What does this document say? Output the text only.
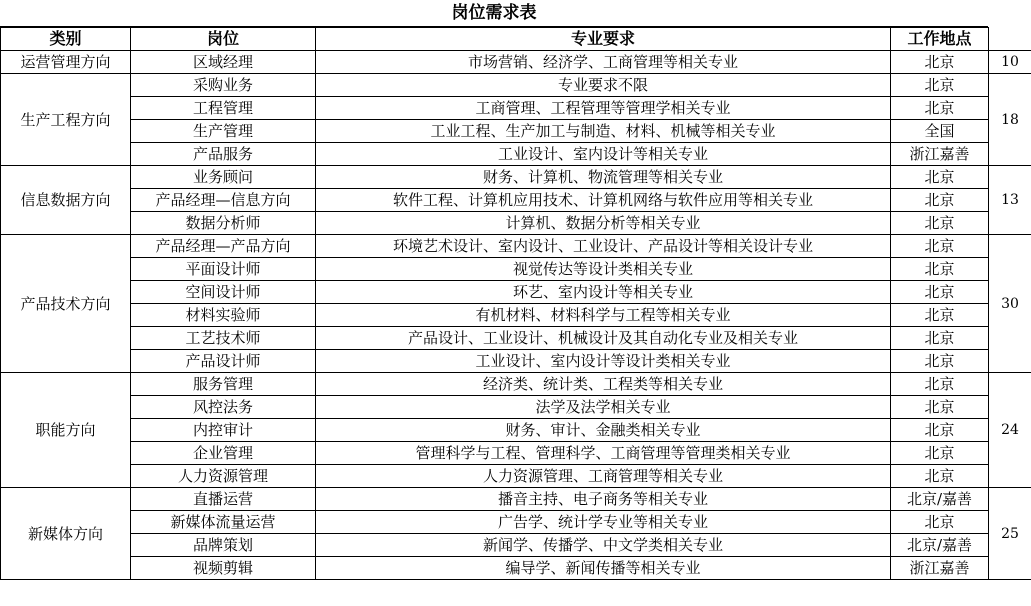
岗位需求表
类别	岗位	专业要求	工作地点	
运营管理方向	区域经理	市场营销、经济学、工商管理等相关专业	北京	10
生产工程方向	采购业务	专业要求不限	北京	18
	工程管理	工商管理、工程管理等管理学相关专业	北京	
	生产管理	工业工程、生产加工与制造、材料、机械等相关专业	全国	
	产品服务	工业设计、室内设计等相关专业	浙江嘉善	
信息数据方向	业务顾问	财务、计算机、物流管理等相关专业	北京	13
	产品经理—信息方向	软件工程、计算机应用技术、计算机网络与软件应用等相关专业	北京	
	数据分析师	计算机、数据分析等相关专业	北京	
产品技术方向	产品经理—产品方向	环境艺术设计、室内设计、工业设计、产品设计等相关设计专业	北京	30
	平面设计师	视觉传达等设计类相关专业	北京	
	空间设计师	环艺、室内设计等相关专业	北京	
	材料实验师	有机材料、材料科学与工程等相关专业	北京	
	工艺技术师	产品设计、工业设计、机械设计及其自动化专业及相关专业	北京	
	产品设计师	工业设计、室内设计等设计类相关专业	北京	
职能方向	服务管理	经济类、统计类、工程类等相关专业	北京	24
	风控法务	法学及法学相关专业	北京	
	内控审计	财务、审计、金融类相关专业	北京	
	企业管理	管理科学与工程、管理科学、工商管理等管理类相关专业	北京	
	人力资源管理	人力资源管理、工商管理等相关专业	北京	
新媒体方向	直播运营	播音主持、电子商务等相关专业	北京/嘉善	25
	新媒体流量运营	广告学、统计学专业等相关专业	北京	
	品牌策划	新闻学、传播学、中文学类相关专业	北京/嘉善	
	视频剪辑	编导学、新闻传播等相关专业	浙江嘉善	
